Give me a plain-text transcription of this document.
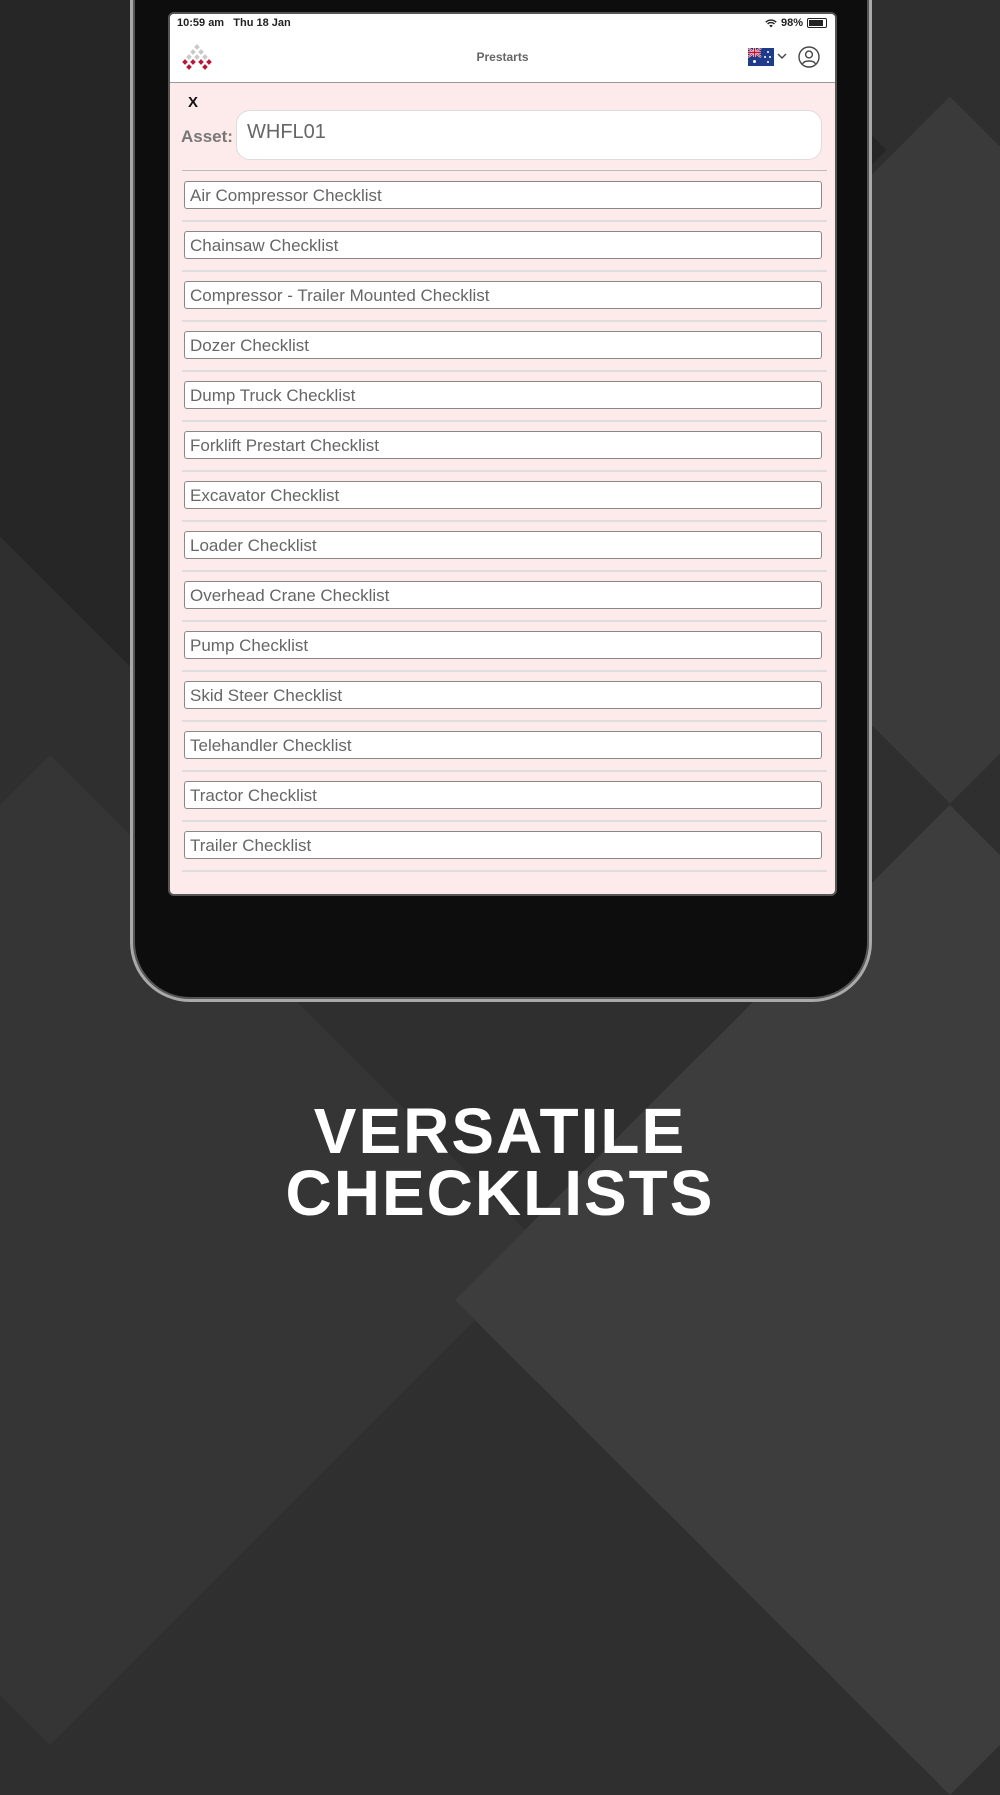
10:59 am Thu 18 Jan	98%
Prestarts
X
Asset: WHFL01
Air Compressor Checklist
Chainsaw Checklist
Compressor - Trailer Mounted Checklist
Dozer Checklist
Dump Truck Checklist
Forklift Prestart Checklist
Excavator Checklist
Loader Checklist
Overhead Crane Checklist
Pump Checklist
Skid Steer Checklist
Telehandler Checklist
Tractor Checklist
Trailer Checklist
VERSATILE
CHECKLISTS
